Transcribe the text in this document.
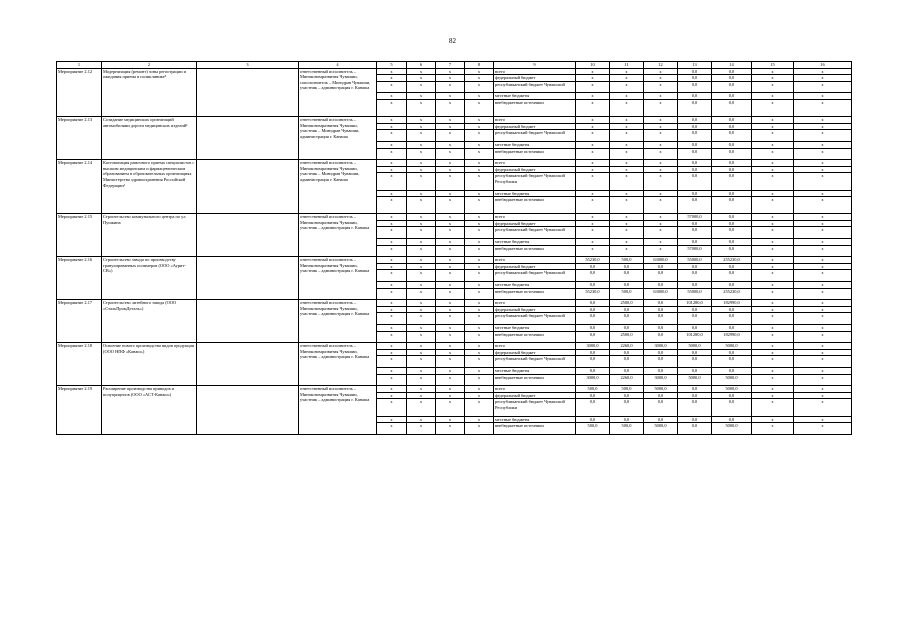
82
1	2	3	4	5	6	7	8	9	10	11	12	13	14	15	16
Мероприятие 2.12	Модернизация (ремонт) зоны регистрации и ожидания приема в поликлинике⁵		ответственный исполнитель – Минэкономразвития Чувашии, соисполнитель – Минздрав Чувашии, участник – администрация г. Канаша	х	х	х	х	всего	х	х	х	0,0	0,0	х	х
				х	х	х	х	федеральный бюджет	х	х	х	0,0	0,0	х	х
				х	х	х	х	республиканский бюджет Чувашской	х	х	х	0,0	0,0	х	х
				х	х	х	х	местные бюджеты	х	х	х	0,0	0,0	х	х
				х	х	х	х	внебюджетные источники	х	х	х	0,0	0,0	х	х
Мероприятие 2.13	Созидание медицинских организаций автомобилями дороги медицинских изделий³		ответственный исполнитель – Минэкономразвития Чувашии, участник – Минздрав Чувашии, администрация г. Канаша	х	х	х	х	всего	х	х	х	0,0	0,0	х	х
				х	х	х	х	федеральный бюджет	х	х	х	0,0	0,0	х	х
				х	х	х	х	республиканский бюджет Чувашской	х	х	х	0,0	0,0	х	х
				х	х	х	х	местные бюджеты	х	х	х	0,0	0,0	х	х
				х	х	х	х	внебюджетные источники	х	х	х	0,0	0,0	х	х
Мероприятие 2.14	Кастомизация рамочного приема специалистов с высшим медицинским и фармацевтическим образованием в образовательных организациях Министерства здравоохранения Российской Федерации¹		ответственный исполнитель – Минэкономразвития Чувашии, участник – Минздрав Чувашии, администрация г. Канаша	х	х	х	х	всего	х	х	х	0,0	0,0	х	х
				х	х	х	х	федеральный бюджет	х	х	х	0,0	0,0	х	х
				х	х	х	х	республиканский бюджет Чувашской Республики	х	х	х	0,0	0,0	х	х
				х	х	х	х	местные бюджеты	х	х	х	0,0	0,0	х	х
				х	х	х	х	внебюджетные источники	х	х	х	0,0	0,0	х	х
Мероприятие 2.15	Строительство коммунального центра по ул. Пушкина		ответственный исполнитель – Минэкономразвития Чувашии, участник – администрация г. Канаша	х	х	х	х	всего	х	х	х	57000,0	0,0	х	х
				х	х	х	х	федеральный бюджет	х	х	х	0,0	0,0	х	х
				х	х	х	х	республиканский бюджет Чувашской	х	х	х	0,0	0,0	х	х
				х	х	х	х	местные бюджеты	х	х	х	0,0	0,0	х	х
				х	х	х	х	внебюджетные источники	х	х	х	57000,0	0,0	х	х
Мероприятие 2.16	Строительство завода по производству гранулированных полимеров (ООО «Аурит-СВ»)		ответственный исполнитель – Минэкономразвития Чувашии, участник – администрация г. Канаша	х	х	х	х	всего	55230,0	500,0	63000,0	55000,0	255230,0	х	х
				х	х	х	х	федеральный бюджет	0,0	0,0	0,0	0,0	0,0	х	х
				х	х	х	х	республиканский бюджет Чувашской	0,0	0,0	0,0	0,0	0,0	х	х
				х	х	х	х	местные бюджеты	0,0	0,0	0,0	0,0	0,0	х	х
				х	х	х	х	внебюджетные источники	55230,0	500,0	63000,0	55000,0	255230,0	х	х
Мероприятие 2.17	Строительство литейного завода (ООО «СтальПромДеталь»)		ответственный исполнитель – Минэкономразвития Чувашии, участник – администрация г. Канаша	х	х	х	х	всего	0,0	2500,0	0,0	101280,0	182990,0	х	х
				х	х	х	х	федеральный бюджет	0,0	0,0	0,0	0,0	0,0	х	х
				х	х	х	х	республиканский бюджет Чувашской	0,0	0,0	0,0	0,0	0,0	х	х
				х	х	х	х	местные бюджеты	0,0	0,0	0,0	0,0	0,0	х	х
				х	х	х	х	внебюджетные источники	0,0	2500,0	0,0	101280,0	182990,0	х	х
Мероприятие 2.18	Освоение нового производства видов продукции (ООО НПФ «Канаш»)		ответственный исполнитель – Минэкономразвития Чувашии, участник – администрация г. Канаша	х	х	х	х	всего	3000,0	2260,0	3000,0	5000,0	5000,0	х	х
				х	х	х	х	федеральный бюджет	0,0	0,0	0,0	0,0	0,0	х	х
				х	х	х	х	республиканский бюджет Чувашской	0,0	0,0	0,0	0,0	0,0	х	х
				х	х	х	х	местные бюджеты	0,0	0,0	0,0	0,0	0,0	х	х
				х	х	х	х	внебюджетные источники	3000,0	2260,0	3000,0	5000,0	5000,0	х	х
Мероприятие 2.19	Расширение производства приводов и полуприцепов (ООО «АСТ-Канаш»)		ответственный исполнитель – Минэкономразвития Чувашии, участник – администрация г. Канаша	х	х	х	х	всего	500,0	500,0	5000,0	0,0	5000,0	х	х
				х	х	х	х	федеральный бюджет	0,0	0,0	0,0	0,0	0,0	х	х
				х	х	х	х	республиканский бюджет Чувашской Республики	0,0	0,0	0,0	0,0	0,0	х	х
				х	х	х	х	местные бюджеты	0,0	0,0	0,0	0,0	0,0	х	х
				х	х	х	х	внебюджетные источники	500,0	500,0	5000,0	0,0	5000,0	х	х
